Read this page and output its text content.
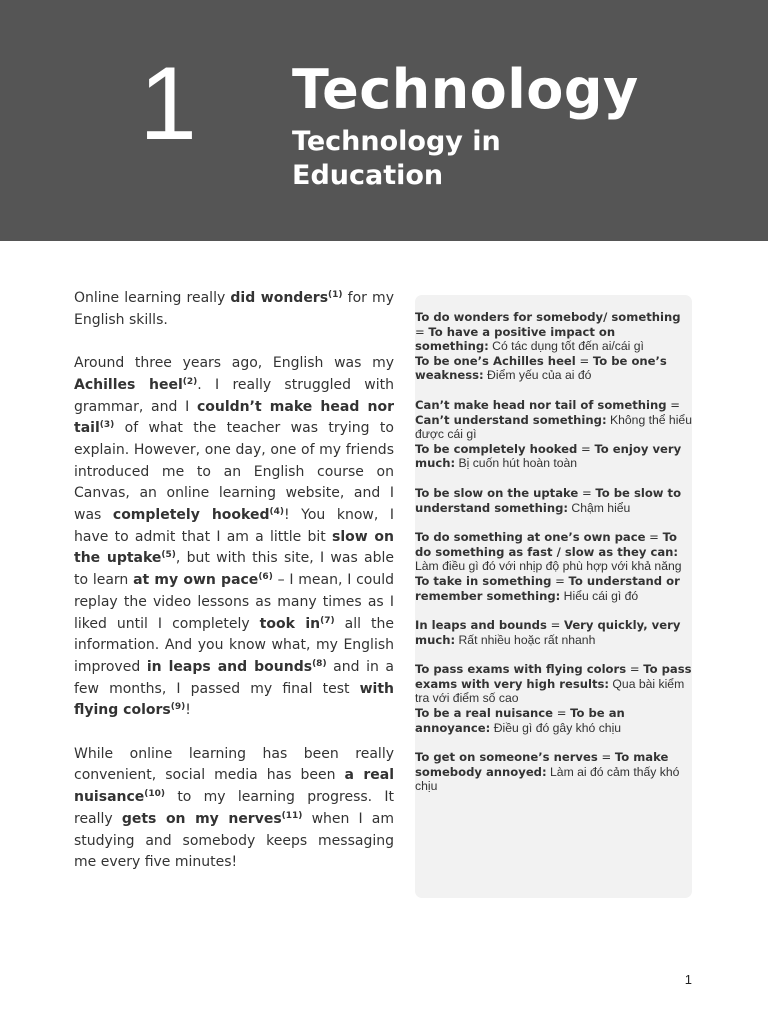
1 Technology
Technology in Education

Online learning really did wonders$^{(1)}$ for my English skills.

Around three years ago, English was my Achilles heel$^{(2)}$. I really struggled with grammar, and I couldn’t make head nor tail$^{(3)}$ of what the teacher was trying to explain. However, one day, one of my friends introduced me to an English course on Canvas, an online learning website, and I was completely hooked$^{(4)}$! You know, I have to admit that I am a little bit slow on the uptake$^{(5)}$, but with this site, I was able to learn at my own pace$^{(6)}$ – I mean, I could replay the video lessons as many times as I liked until I completely took $in^{(7)}$ all the information. And you know what, my English improved in leaps and bounds$^{(8)}$ and in a few months, I passed my final test with flying colors$^{(9)}$!

While online learning has been really convenient, social media has been a real nuisance$^{(10)}$ to my learning progress. It really gets on my nerves$^{(11)}$ when I am studying and somebody keeps messaging me every five minutes!

To do wonders for somebody/ something = To have a positive impact on something: Có tác dụng tốt đến ai/cái gì
To be one’s Achilles heel = To be one’s weakness: Điểm yếu của ai đó
Can’t make head nor tail of something = Can’t understand something: Không thể hiểu được cái gì
To be completely hooked = To enjoy very much: Bị cuốn hút hoàn toàn
To be slow on the uptake = To be slow to understand something: Chậm hiểu
To do something at one’s own pace = To do something as fast / slow as they can: Làm điều gì đó với nhịp độ phù hợp với khả năng
To take in something = To understand or remember something: Hiểu cái gì đó
In leaps and bounds = Very quickly, very much: Rất nhiều hoặc rất nhanh
To pass exams with flying colors = To pass exams with very high results: Qua bài kiểm tra với điểm số cao
To be a real nuisance = To be an annoyance: Điều gì đó gây khó chịu
To get on someone’s nerves = To make somebody annoyed: Làm ai đó cảm thấy khó chịu
1
